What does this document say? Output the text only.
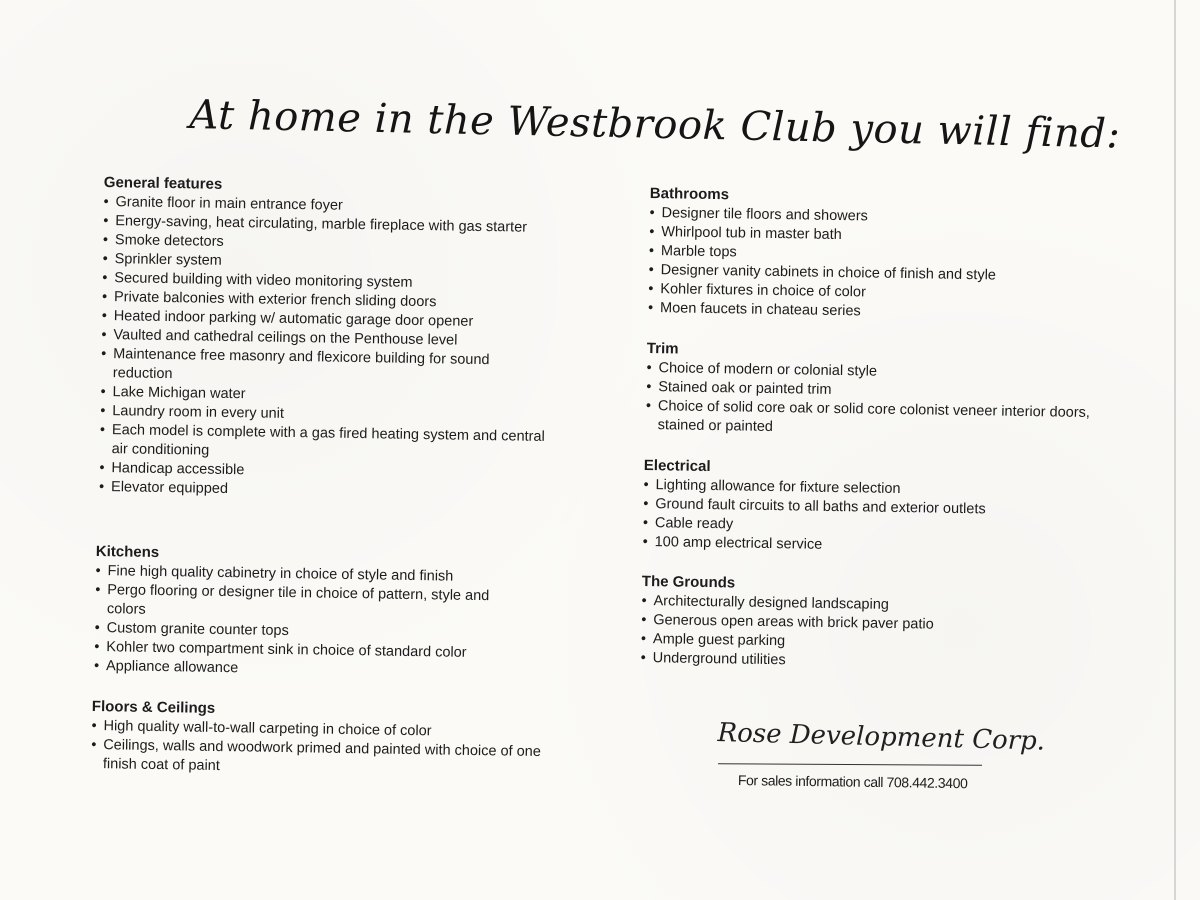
At home in the Westbrook Club you will find:
General features
• Granite floor in main entrance foyer
• Energy-saving, heat circulating, marble fireplace with gas starter
• Smoke detectors
• Sprinkler system
• Secured building with video monitoring system
• Private balconies with exterior french sliding doors
• Heated indoor parking w/ automatic garage door opener
• Vaulted and cathedral ceilings on the Penthouse level
• Maintenance free masonry and flexicore building for sound reduction
• Lake Michigan water
• Laundry room in every unit
• Each model is complete with a gas fired heating system and central air conditioning
• Handicap accessible
• Elevator equipped
Kitchens
• Fine high quality cabinetry in choice of style and finish
• Pergo flooring or designer tile in choice of pattern, style and colors
• Custom granite counter tops
• Kohler two compartment sink in choice of standard color
• Appliance allowance
Floors & Ceilings
• High quality wall-to-wall carpeting in choice of color
• Ceilings, walls and woodwork primed and painted with choice of one finish coat of paint
Bathrooms
• Designer tile floors and showers
• Whirlpool tub in master bath
• Marble tops
• Designer vanity cabinets in choice of finish and style
• Kohler fixtures in choice of color
• Moen faucets in chateau series
Trim
• Choice of modern or colonial style
• Stained oak or painted trim
• Choice of solid core oak or solid core colonist veneer interior doors, stained or painted
Electrical
• Lighting allowance for fixture selection
• Ground fault circuits to all baths and exterior outlets
• Cable ready
• 100 amp electrical service
The Grounds
• Architecturally designed landscaping
• Generous open areas with brick paver patio
• Ample guest parking
• Underground utilities
Rose Development Corp.
For sales information call 708.442.3400
